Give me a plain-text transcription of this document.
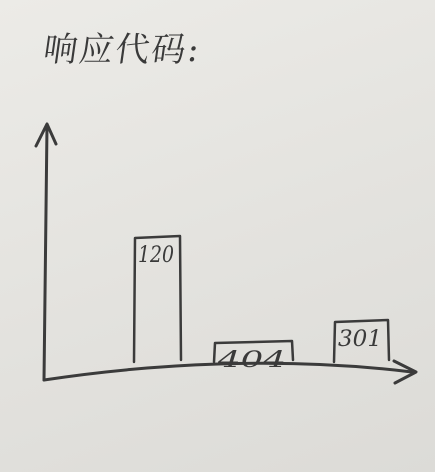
响应代码:
120
404
301
